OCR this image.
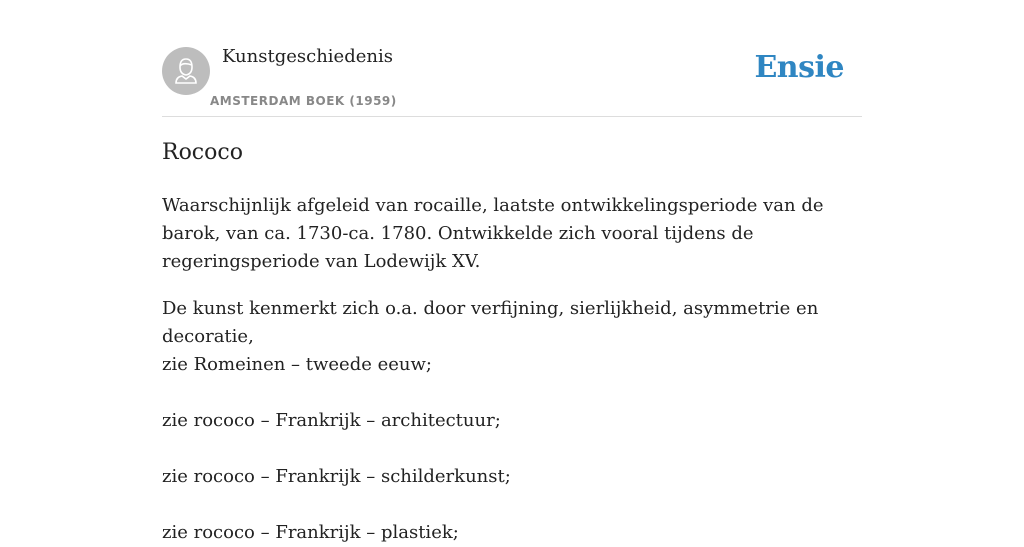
Kunstgeschiedenis
AMSTERDAM BOEK (1959)
Ensie
Rococo

Waarschijnlijk afgeleid van rocaille, laatste ontwikkelingsperiode van de barok, van ca. 1730-ca. 1780. Ontwikkelde zich vooral tijdens de regeringsperiode van Lodewijk XV.

De kunst kenmerkt zich o.a. door verfijning, sierlijkheid, asymmetrie en decoratie,

zie Romeinen – tweede eeuw;

zie rococo – Frankrijk – architectuur;

zie rococo – Frankrijk – schilderkunst;

zie rococo – Frankrijk – plastiek;
